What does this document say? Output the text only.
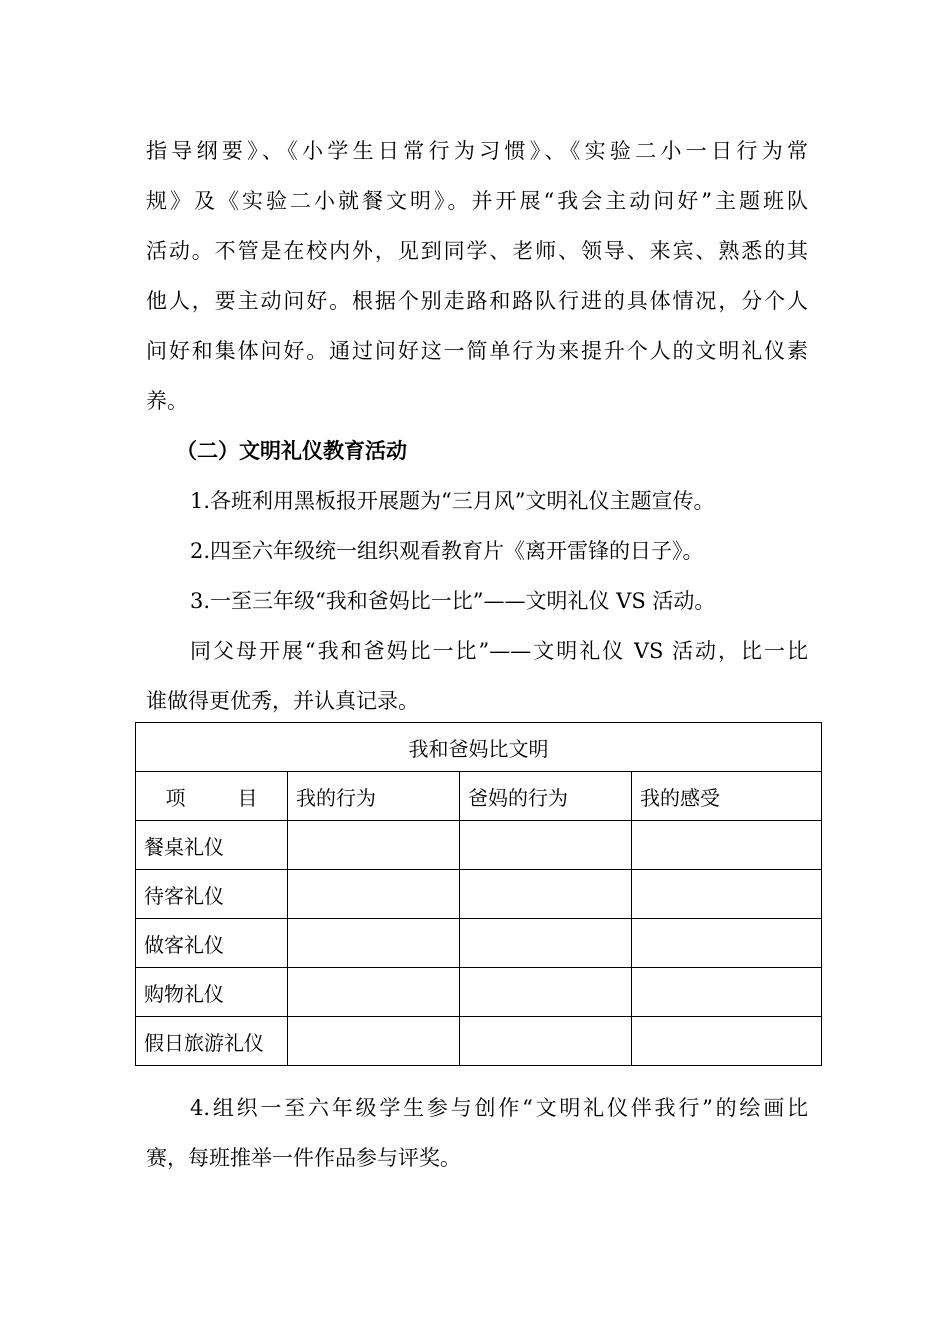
指导纲要》、《小学生日常行为习惯》、《实验二小一日行为常
规》及《实验二小就餐文明》。并开展“我会主动问好”主题班队
活动。不管是在校内外，见到同学、老师、领导、来宾、熟悉的其
他人，要主动问好。根据个别走路和路队行进的具体情况，分个人
问好和集体问好。通过问好这一简单行为来提升个人的文明礼仪素
养。
（二）文明礼仪教育活动
1.各班利用黑板报开展题为“三月风”文明礼仪主题宣传。
2.四至六年级统一组织观看教育片《离开雷锋的日子》。
3.一至三年级“我和爸妈比一比”——文明礼仪 VS 活动。
同父母开展“我和爸妈比一比”——文明礼仪 VS 活动，比一比
谁做得更优秀，并认真记录。
我和爸妈比文明			
项 目	我的行为	爸妈的行为	我的感受
餐桌礼仪			
待客礼仪			
做客礼仪			
购物礼仪			
假日旅游礼仪			
4.组织一至六年级学生参与创作“文明礼仪伴我行”的绘画比
赛，每班推举一件作品参与评奖。
